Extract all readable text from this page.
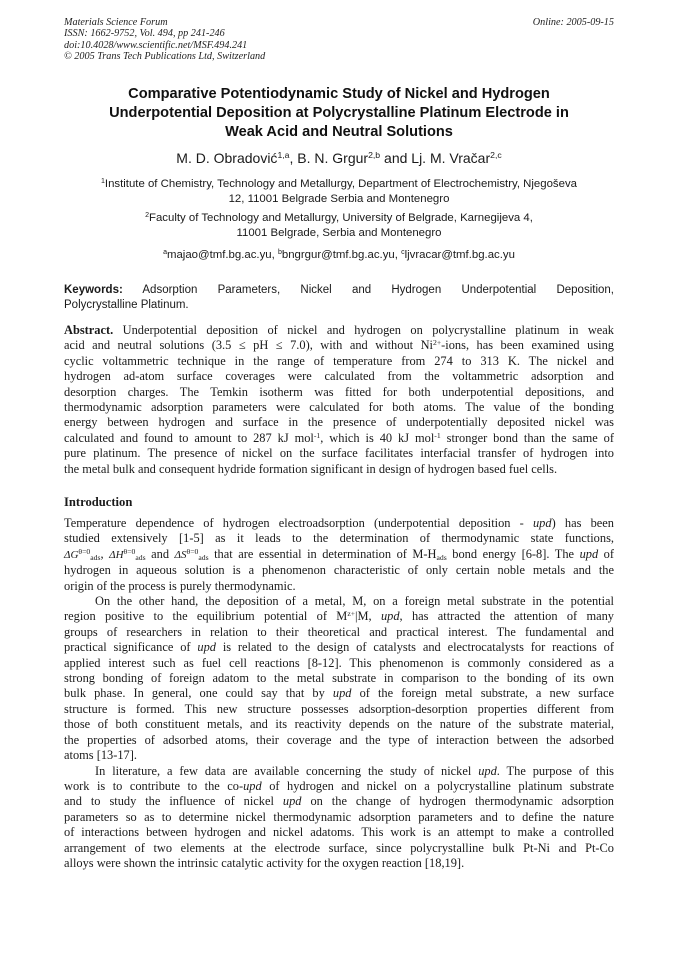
Materials Science Forum
ISSN: 1662-9752, Vol. 494, pp 241-246
doi:10.4028/www.scientific.net/MSF.494.241
© 2005 Trans Tech Publications Ltd, Switzerland
Online: 2005-09-15
Comparative Potentiodynamic Study of Nickel and Hydrogen
Underpotential Deposition at Polycrystalline Platinum Electrode in
Weak Acid and Neutral Solutions
M. D. Obradović$^{1,a}$, B. N. Grgur$^{2,b}$ and Lj. M. Vračar$^{2,c}$
$^1$Institute of Chemistry, Technology and Metallurgy, Department of Electrochemistry, Njegoševa
12, 11001 Belgrade Serbia and Montenegro
$^2$Faculty of Technology and Metallurgy, University of Belgrade, Karnegijeva 4,
11001 Belgrade, Serbia and Montenegro
$^a$majao@tmf.bg.ac.yu, $^b$bngrgur@tmf.bg.ac.yu, $^c$ljvracar@tmf.bg.ac.yu
Keywords: Adsorption Parameters, Nickel and Hydrogen Underpotential Deposition,
Polycrystalline Platinum.
Abstract. Underpotential deposition of nickel and hydrogen on polycrystalline platinum in weak
acid and neutral solutions (3.5 ≤ pH ≤ 7.0), with and without $Ni^{2+}$-ions, has been examined using
cyclic voltammetric technique in the range of temperature from 274 to 313 K. The nickel and
hydrogen ad-atom surface coverages were calculated from the voltammetric adsorption and
desorption charges. The Temkin isotherm was fitted for both underpotential depositions, and
thermodynamic adsorption parameters were calculated for both atoms. The value of the bonding
energy between hydrogen and surface in the presence of underpotentially deposited nickel was
calculated and found to amount to 287 kJ mol$^{-1}$, which is 40 kJ mol$^{-1}$ stronger bond than the same of
pure platinum. The presence of nickel on the surface facilitates interfacial transfer of hydrogen into
the metal bulk and consequent hydride formation significant in design of hydrogen based fuel cells.
Introduction
Temperature dependence of hydrogen electroadsorption (underpotential deposition - upd) has been
studied extensively [1-5] as it leads to the determination of thermodynamic state functions,
$\Delta G^{\theta=0}_{ads}$, $\Delta H^{\theta=0}_{ads}$ and $\Delta S^{\theta=0}_{ads}$ that are essential in determination of $M-H_{ads}$ bond energy [6-8]. The upd of
hydrogen in aqueous solution is a phenomenon characteristic of only certain noble metals and the
origin of the process is purely thermodynamic.
On the other hand, the deposition of a metal, M, on a foreign metal substrate in the potential
region positive to the equilibrium potential of $M^{z+}|M$, upd, has attracted the attention of many
groups of researchers in relation to their theoretical and practical interest. The fundamental and
practical significance of upd is related to the design of catalysts and electrocatalysts for reactions of
applied interest such as fuel cell reactions [8-12]. This phenomenon is commonly considered as a
strong bonding of foreign adatom to the metal substrate in comparison to the bonding of its own
bulk phase. In general, one could say that by upd of the foreign metal substrate, a new surface
structure is formed. This new structure possesses adsorption-desorption properties different from
those of both constituent metals, and its reactivity depends on the nature of the substrate material,
the properties of adsorbed atoms, their coverage and the type of interaction between the adsorbed
atoms [13-17].
In literature, a few data are available concerning the study of nickel upd. The purpose of this
work is to contribute to the co-upd of hydrogen and nickel on a polycrystalline platinum substrate
and to study the influence of nickel upd on the change of hydrogen thermodynamic adsorption
parameters so as to determine nickel thermodynamic adsorption parameters and to define the nature
of interactions between hydrogen and nickel adatoms. This work is an attempt to make a controlled
arrangement of two elements at the electrode surface, since polycrystalline bulk Pt-Ni and Pt-Co
alloys were shown the intrinsic catalytic activity for the oxygen reaction [18,19].
